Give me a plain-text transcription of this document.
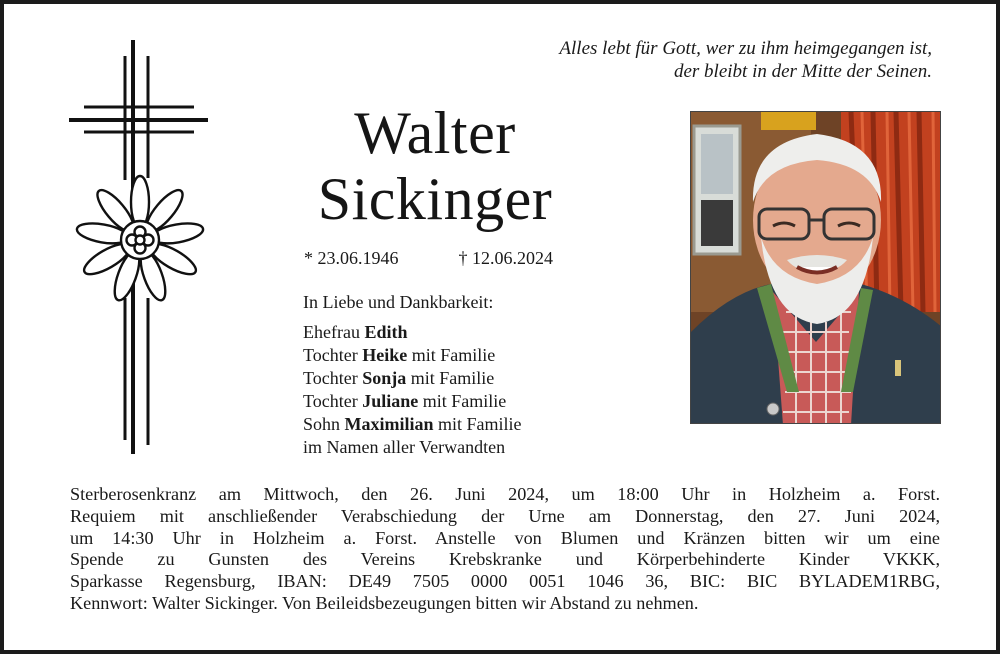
Alles lebt für Gott, wer zu ihm heimgegangen ist,
der bleibt in der Mitte der Seinen.
Walter
Sickinger
* 23.06.1946	† 12.06.2024
In Liebe und Dankbarkeit:
Ehefrau Edith
Tochter Heike mit Familie
Tochter Sonja mit Familie
Tochter Juliane mit Familie
Sohn Maximilian mit Familie
im Namen aller Verwandten
Sterberosenkranz am Mittwoch, den 26. Juni 2024, um 18:00 Uhr in Holzheim a. Forst.
Requiem mit anschließender Verabschiedung der Urne am Donnerstag, den 27. Juni 2024,
um 14:30 Uhr in Holzheim a. Forst. Anstelle von Blumen und Kränzen bitten wir um eine
Spende zu Gunsten des Vereins Krebskranke und Körperbehinderte Kinder VKKK,
Sparkasse Regensburg, IBAN: DE49 7505 0000 0051 1046 36, BIC: BIC BYLADEM1RBG,
Kennwort: Walter Sickinger. Von Beileidsbezeugungen bitten wir Abstand zu nehmen.
